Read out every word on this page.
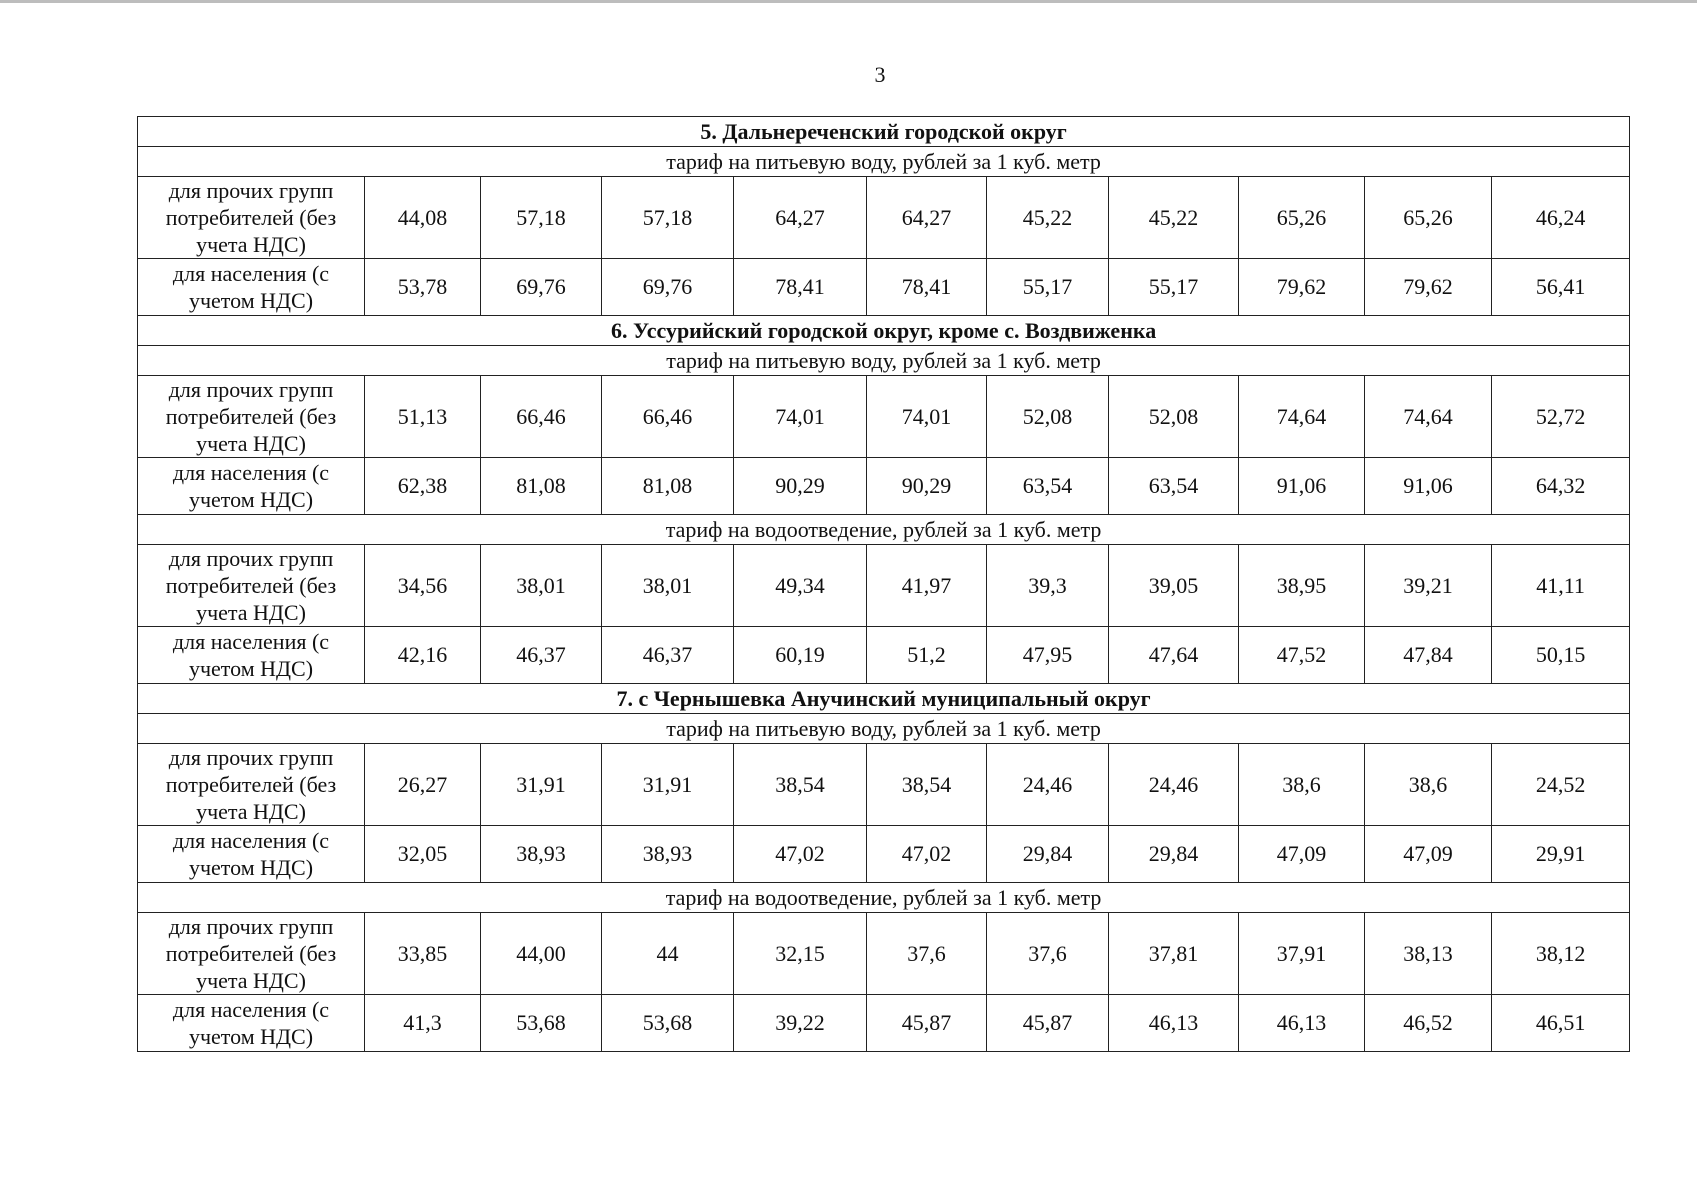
3
5. Дальнереченский городской округ										
тариф на питьевую воду, рублей за 1 куб. метр										
для прочих групп потребителей (без учета НДС)	44,08	57,18	57,18	64,27	64,27	45,22	45,22	65,26	65,26	46,24
для населения (с учетом НДС)	53,78	69,76	69,76	78,41	78,41	55,17	55,17	79,62	79,62	56,41
6. Уссурийский городской округ, кроме с. Воздвиженка										
тариф на питьевую воду, рублей за 1 куб. метр										
для прочих групп потребителей (без учета НДС)	51,13	66,46	66,46	74,01	74,01	52,08	52,08	74,64	74,64	52,72
для населения (с учетом НДС)	62,38	81,08	81,08	90,29	90,29	63,54	63,54	91,06	91,06	64,32
тариф на водоотведение, рублей за 1 куб. метр										
для прочих групп потребителей (без учета НДС)	34,56	38,01	38,01	49,34	41,97	39,3	39,05	38,95	39,21	41,11
для населения (с учетом НДС)	42,16	46,37	46,37	60,19	51,2	47,95	47,64	47,52	47,84	50,15
7. с Чернышевка Анучинский муниципальный округ										
тариф на питьевую воду, рублей за 1 куб. метр										
для прочих групп потребителей (без учета НДС)	26,27	31,91	31,91	38,54	38,54	24,46	24,46	38,6	38,6	24,52
для населения (с учетом НДС)	32,05	38,93	38,93	47,02	47,02	29,84	29,84	47,09	47,09	29,91
тариф на водоотведение, рублей за 1 куб. метр										
для прочих групп потребителей (без учета НДС)	33,85	44,00	44	32,15	37,6	37,6	37,81	37,91	38,13	38,12
для населения (с учетом НДС)	41,3	53,68	53,68	39,22	45,87	45,87	46,13	46,13	46,52	46,51
